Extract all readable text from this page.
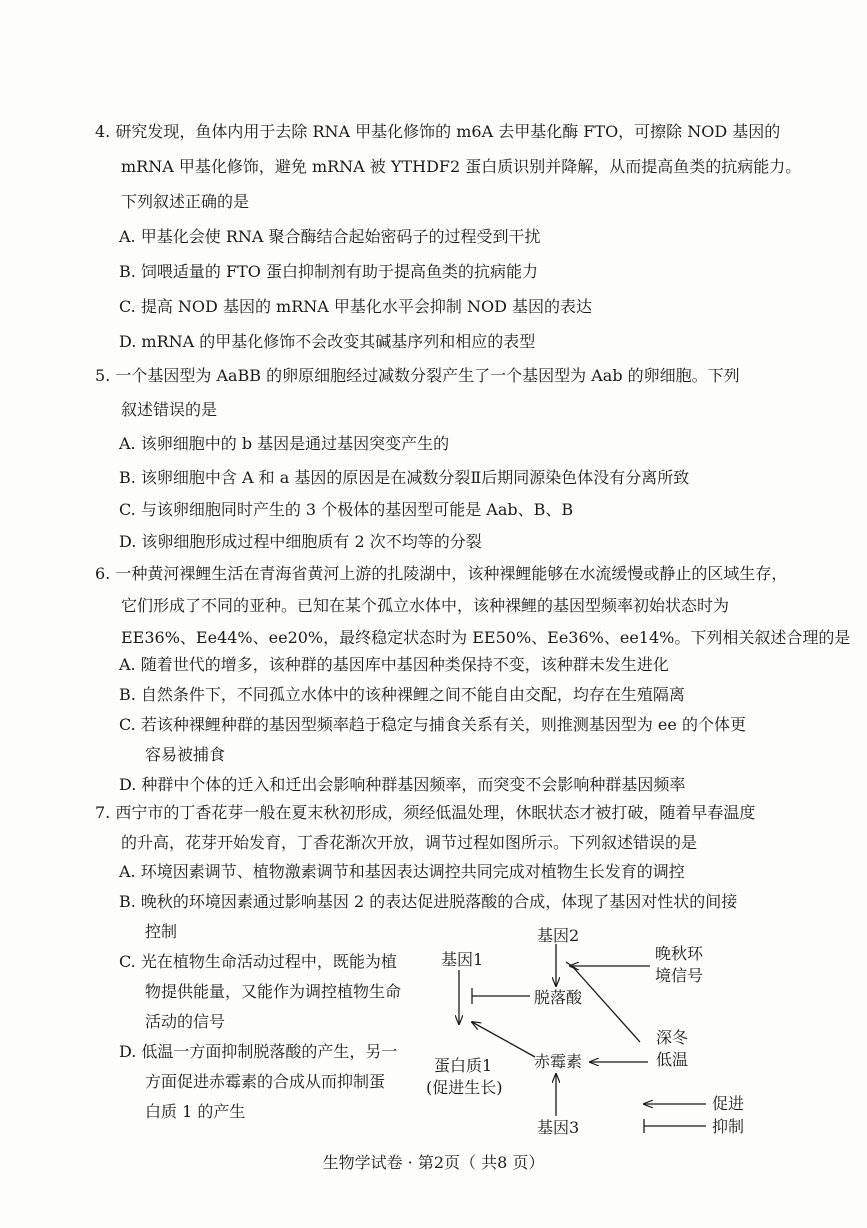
4. 研究发现，鱼体内用于去除 RNA 甲基化修饰的 m6A 去甲基化酶 FTO，可擦除 NOD 基因的
mRNA 甲基化修饰，避免 mRNA 被 YTHDF2 蛋白质识别并降解，从而提高鱼类的抗病能力。
下列叙述正确的是
A. 甲基化会使 RNA 聚合酶结合起始密码子的过程受到干扰
B. 饲喂适量的 FTO 蛋白抑制剂有助于提高鱼类的抗病能力
C. 提高 NOD 基因的 mRNA 甲基化水平会抑制 NOD 基因的表达
D. mRNA 的甲基化修饰不会改变其碱基序列和相应的表型
5. 一个基因型为 AaBB 的卵原细胞经过减数分裂产生了一个基因型为 Aab 的卵细胞。下列
叙述错误的是
A. 该卵细胞中的 b 基因是通过基因突变产生的
B. 该卵细胞中含 A 和 a 基因的原因是在减数分裂Ⅱ后期同源染色体没有分离所致
C. 与该卵细胞同时产生的 3 个极体的基因型可能是 Aab、B、B
D. 该卵细胞形成过程中细胞质有 2 次不均等的分裂
6. 一种黄河裸鲤生活在青海省黄河上游的扎陵湖中，该种裸鲤能够在水流缓慢或静止的区域生存，
它们形成了不同的亚种。已知在某个孤立水体中，该种裸鲤的基因型频率初始状态时为
EE36%、Ee44%、ee20%，最终稳定状态时为 EE50%、Ee36%、ee14%。下列相关叙述合理的是
A. 随着世代的增多，该种群的基因库中基因种类保持不变，该种群未发生进化
B. 自然条件下，不同孤立水体中的该种裸鲤之间不能自由交配，均存在生殖隔离
C. 若该种裸鲤种群的基因型频率趋于稳定与捕食关系有关，则推测基因型为 ee 的个体更
容易被捕食
D. 种群中个体的迁入和迁出会影响种群基因频率，而突变不会影响种群基因频率
7. 西宁市的丁香花芽一般在夏末秋初形成，须经低温处理，休眠状态才被打破，随着早春温度
的升高，花芽开始发育，丁香花渐次开放，调节过程如图所示。下列叙述错误的是
A. 环境因素调节、植物激素调节和基因表达调控共同完成对植物生长发育的调控
B. 晚秋的环境因素通过影响基因 2 的表达促进脱落酸的合成，体现了基因对性状的间接
控制
C. 光在植物生命活动过程中，既能为植
物提供能量，又能作为调控植物生命
活动的信号
D. 低温一方面抑制脱落酸的产生，另一
方面促进赤霉素的合成从而抑制蛋
白质 1 的产生
基因2
基因1	晚秋环
境信号
脱落酸
深冬
低温
蛋白质1
(促进生长)
赤霉素
基因3
促进
抑制
生物学试卷 · 第2页（ 共8 页）
